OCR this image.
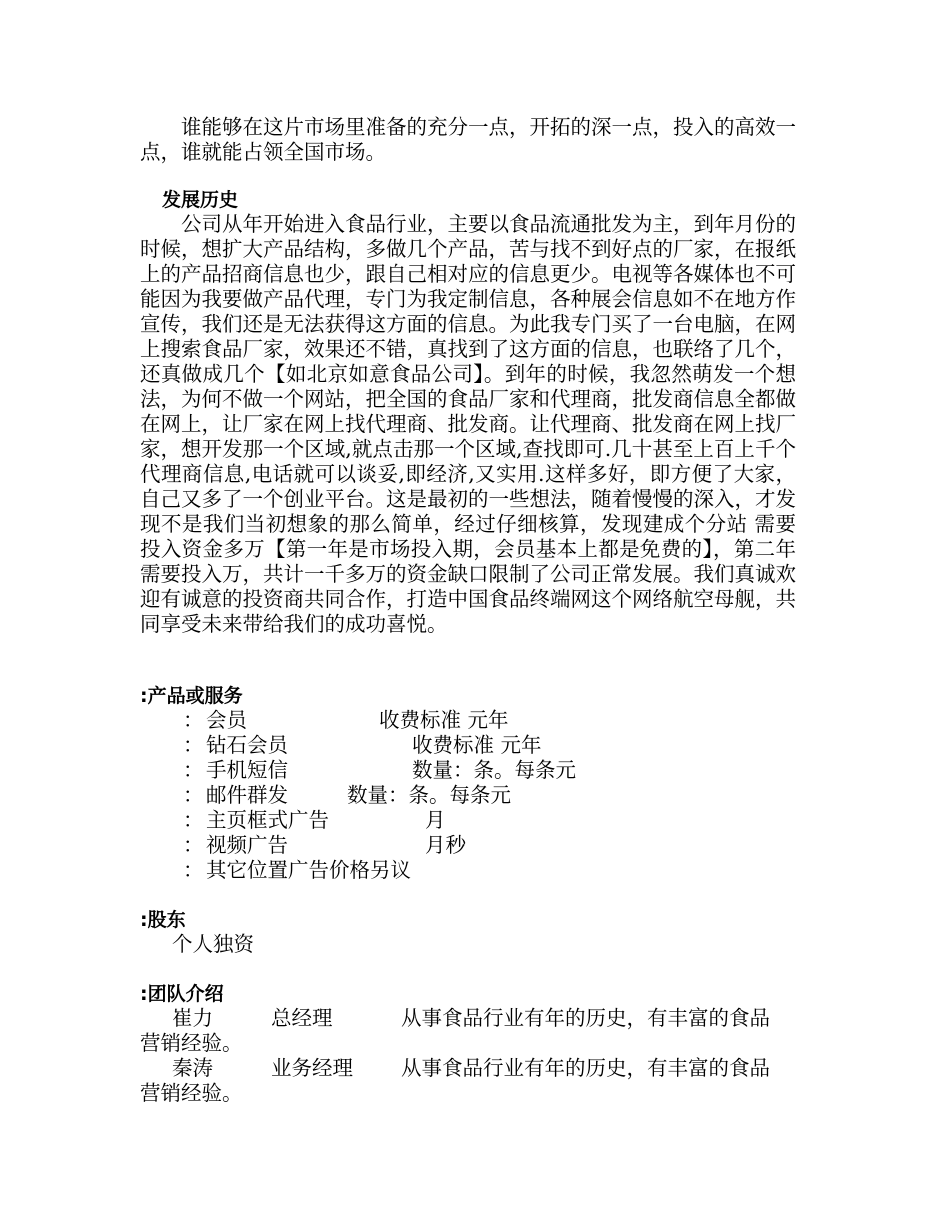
谁能够在这片市场里准备的充分一点，开拓的深一点，投入的高效一点，谁就能占领全国市场。

发展历史

公司从年开始进入食品行业，主要以食品流通批发为主，到年月份的时候，想扩大产品结构，多做几个产品，苦与找不到好点的厂家，在报纸上的产品招商信息也少，跟自己相对应的信息更少。电视等各媒体也不可能因为我要做产品代理，专门为我定制信息，各种展会信息如不在地方作宣传，我们还是无法获得这方面的信息。为此我专门买了一台电脑，在网上搜索食品厂家，效果还不错，真找到了这方面的信息，也联络了几个，还真做成几个【如北京如意食品公司】。到年的时候，我忽然萌发一个想法，为何不做一个网站，把全国的食品厂家和代理商，批发商信息全都做在网上，让厂家在网上找代理商、批发商。让代理商、批发商在网上找厂家，想开发那一个区域,就点击那一个区域,查找即可.几十甚至上百上千个代理商信息,电话就可以谈妥,即经济,又实用.这样多好，即方便了大家，自己又多了一个创业平台。这是最初的一些想法，随着慢慢的深入，才发现不是我们当初想象的那么简单，经过仔细核算，发现建成个分站 需要投入资金多万【第一年是市场投入期，会员基本上都是免费的】，第二年需要投入万，共计一千多万的资金缺口限制了公司正常发展。我们真诚欢迎有诚意的投资商共同合作，打造中国食品终端网这个网络航空母舰，共同享受未来带给我们的成功喜悦。

:产品或服务
： 会员	收费标准 元年
： 钻石会员	收费标准 元年
： 手机短信	数量：条。每条元
： 邮件群发	数量：条。每条元
： 主页框式广告	月
： 视频广告	月秒
： 其它位置广告价格另议
:股东
个人独资
:团队介绍
崔力	总经理	从事食品行业有年的历史，有丰富的食品
营销经验。
秦涛	业务经理 从事食品行业有年的历史，有丰富的食品
营销经验。
